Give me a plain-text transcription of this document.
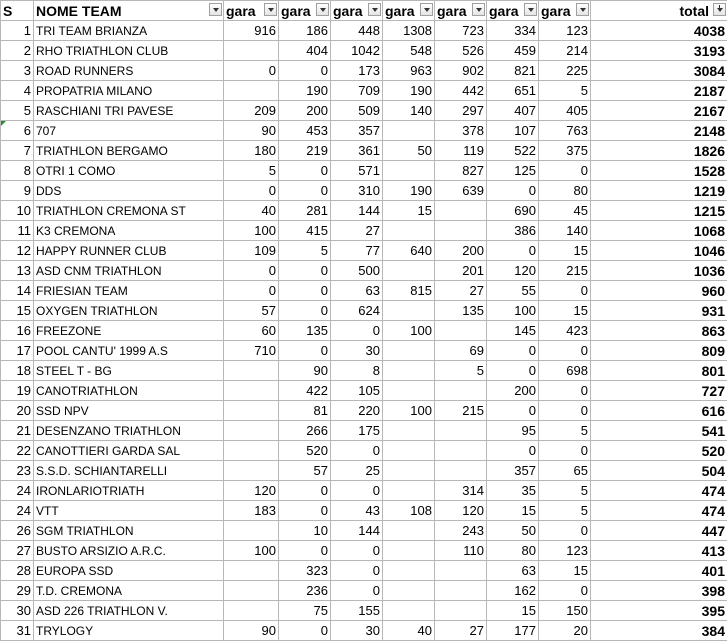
S	NOME TEAM	gara	gara	gara	gara	gara	gara	gara	total

1	TRI TEAM BRIANZA	916	186	448	1308	723	334	123	4038
2	RHO TRIATHLON CLUB		404	1042	548	526	459	214	3193
3	ROAD RUNNERS	0	0	173	963	902	821	225	3084
4	PROPATRIA MILANO		190	709	190	442	651	5	2187
5	RASCHIANI TRI PAVESE	209	200	509	140	297	407	405	2167
6	707	90	453	357		378	107	763	2148
7	TRIATHLON BERGAMO	180	219	361	50	119	522	375	1826
8	OTRI 1 COMO	5	0	571		827	125	0	1528
9	DDS	0	0	310	190	639	0	80	1219
10	TRIATHLON CREMONA ST	40	281	144	15		690	45	1215
11	K3 CREMONA	100	415	27			386	140	1068
12	HAPPY RUNNER CLUB	109	5	77	640	200	0	15	1046
13	ASD CNM TRIATHLON	0	0	500		201	120	215	1036
14	FRIESIAN TEAM	0	0	63	815	27	55	0	960
15	OXYGEN TRIATHLON	57	0	624		135	100	15	931
16	FREEZONE	60	135	0	100		145	423	863
17	POOL CANTU' 1999 A.S	710	0	30		69	0	0	809
18	STEEL T - BG		90	8		5	0	698	801
19	CANOTRIATHLON		422	105			200	0	727
20	SSD NPV		81	220	100	215	0	0	616
21	DESENZANO TRIATHLON		266	175			95	5	541
22	CANOTTIERI GARDA SAL		520	0			0	0	520
23	S.S.D. SCHIANTARELLI		57	25			357	65	504
24	IRONLARIOTRIATH	120	0	0		314	35	5	474
24	VTT	183	0	43	108	120	15	5	474
26	SGM TRIATHLON		10	144		243	50	0	447
27	BUSTO ARSIZIO A.R.C.	100	0	0		110	80	123	413
28	EUROPA SSD		323	0			63	15	401
29	T.D. CREMONA		236	0			162	0	398
30	ASD 226 TRIATHLON V.		75	155			15	150	395
31	TRYLOGY	90	0	30	40	27	177	20	384
